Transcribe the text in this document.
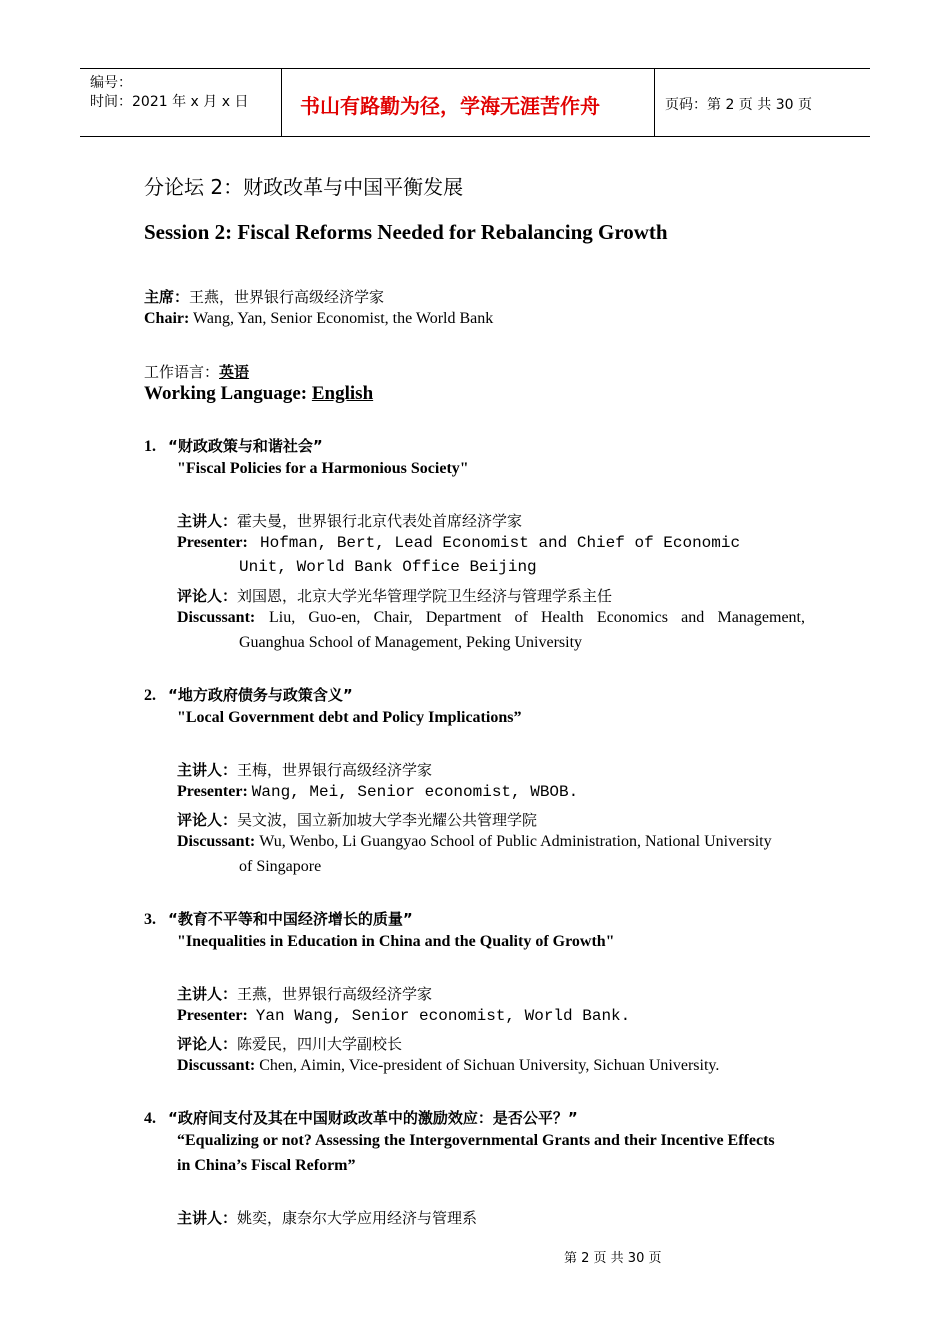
编号：
时间：2021 年 x 月 x 日	书山有路勤为径，学海无涯苦作舟	页码：第 2 页 共 30 页
分论坛 2：财政改革与中国平衡发展
Session 2: Fiscal Reforms Needed for Rebalancing Growth
主席：王燕，世界银行高级经济学家
Chair: Wang, Yan, Senior Economist, the World Bank
工作语言：英语
Working Language: English
1. “财政政策与和谐社会”
"Fiscal Policies for a Harmonious Society"
主讲人：霍夫曼，世界银行北京代表处首席经济学家
Presenter: Hofman, Bert, Lead Economist and Chief of Economic
Unit, World Bank Office Beijing
评论人：刘国恩，北京大学光华管理学院卫生经济与管理学系主任
Discussant: Liu, Guo-en, Chair, Department of Health Economics and Management,
Guanghua School of Management, Peking University
2. “地方政府债务与政策含义”
"Local Government debt and Policy Implications”
主讲人：王梅，世界银行高级经济学家
Presenter: Wang, Mei, Senior economist, WBOB.
评论人：吴文波，国立新加坡大学李光耀公共管理学院
Discussant: Wu, Wenbo, Li Guangyao School of Public Administration, National University
of Singapore
3. “教育不平等和中国经济增长的质量”
"Inequalities in Education in China and the Quality of Growth"
主讲人：王燕，世界银行高级经济学家
Presenter: Yan Wang, Senior economist, World Bank.
评论人：陈爱民，四川大学副校长
Discussant: Chen, Aimin, Vice-president of Sichuan University, Sichuan University.
4. “政府间支付及其在中国财政改革中的激励效应：是否公平？”
“Equalizing or not? Assessing the Intergovernmental Grants and their Incentive Effects
in China’s Fiscal Reform”
主讲人：姚奕，康奈尔大学应用经济与管理系
第 2 页 共 30 页
